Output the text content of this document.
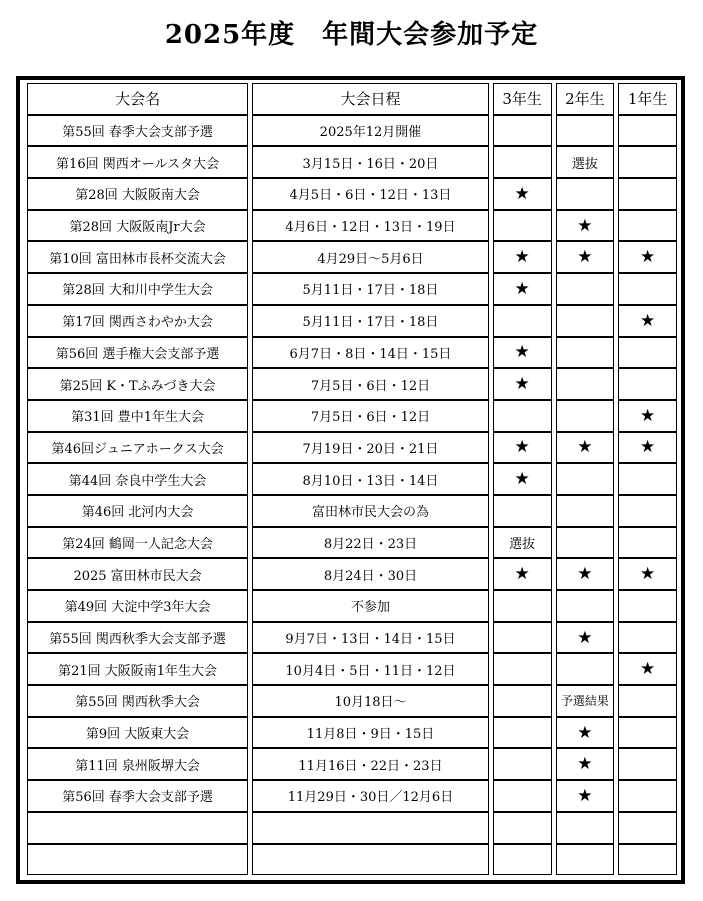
2025年度　年間大会参加予定
大会名	大会日程	3年生	2年生	1年生
第55回 春季大会支部予選	2025年12月開催			
第16回 関西オールスタ大会	3月15日・16日・20日		選抜	
第28回 大阪阪南大会	4月5日・6日・12日・13日	★		
第28回 大阪阪南Jr大会	4月6日・12日・13日・19日		★	
第10回 富田林市長杯交流大会	4月29日～5月6日	★	★	★
第28回 大和川中学生大会	5月11日・17日・18日	★		
第17回 関西さわやか大会	5月11日・17日・18日			★
第56回 選手権大会支部予選	6月7日・8日・14日・15日	★		
第25回 K・Tふみづき大会	7月5日・6日・12日	★		
第31回 豊中1年生大会	7月5日・6日・12日			★
第46回ジュニアホークス大会	7月19日・20日・21日	★	★	★
第44回 奈良中学生大会	8月10日・13日・14日	★		
第46回 北河内大会	富田林市民大会の為			
第24回 鶴岡一人記念大会	8月22日・23日	選抜		
2025 富田林市民大会	8月24日・30日	★	★	★
第49回 大淀中学3年大会	不参加			
第55回 関西秋季大会支部予選	9月7日・13日・14日・15日		★	
第21回 大阪阪南1年生大会	10月4日・5日・11日・12日			★
第55回 関西秋季大会	10月18日～		予選結果	
第9回 大阪東大会	11月8日・9日・15日		★	
第11回 泉州阪堺大会	11月16日・22日・23日		★	
第56回 春季大会支部予選	11月29日・30日／12月6日		★	
